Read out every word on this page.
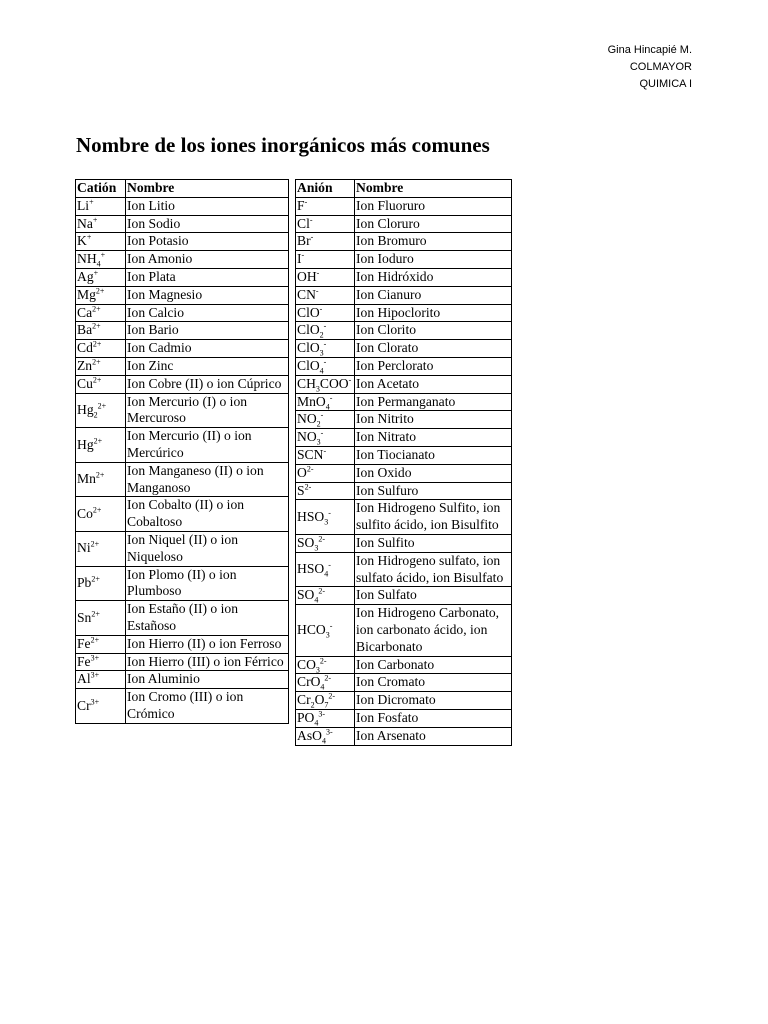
Gina Hincapié M.
COLMAYOR
QUIMICA I
Nombre de los iones inorgánicos más comunes
Catión	Nombre
Li+	Ion Litio
Na+	Ion Sodio
K+	Ion Potasio
$NH_4^+$	Ion Amonio
Ag+	Ion Plata
$Mg^{2+}$	Ion Magnesio
$Ca^{2+}$	Ion Calcio
$Ba^{2+}$	Ion Bario
$Cd^{2+}$	Ion Cadmio
$Zn^{2+}$	Ion Zinc
$Cu^{2+}$	Ion Cobre (II) o ion Cúprico
$Hg_2^{2+}$	Ion Mercurio (I) o ion Mercuroso
$Hg^{2+}$	Ion Mercurio (II) o ion Mercúrico
$Mn^{2+}$	Ion Manganeso (II) o ion Manganoso
$Co^{2+}$	Ion Cobalto (II) o ion Cobaltoso
$Ni^{2+}$	Ion Niquel (II) o ion Niqueloso
$Pb^{2+}$	Ion Plomo (II) o ion Plumboso
$Sn^{2+}$	Ion Estaño (II) o ion Estañoso
$Fe^{2+}$	Ion Hierro (II) o ion Ferroso
$Fe^{3+}$	Ion Hierro (III) o ion Férrico
$Al^{3+}$	Ion Aluminio
$Cr^{3+}$	Ion Cromo (III) o ion Crómico
Anión	Nombre
F-	Ion Fluoruro
Cl-	Ion Cloruro
Br-	Ion Bromuro
I-	Ion Ioduro
OH-	Ion Hidróxido
CN-	Ion Cianuro
ClO-	Ion Hipoclorito
ClO$_2$-	Ion Clorito
ClO$_3$-	Ion Clorato
ClO$_4$-	Ion Perclorato
$CH_3COO^-$	Ion Acetato
MnO$_4$-	Ion Permanganato
$NO_2^-$	Ion Nitrito
$NO_3^-$	Ion Nitrato
SCN-	Ion Tiocianato
$O^{2-}$	Ion Oxido
$S^{2-}$	Ion Sulfuro
$HSO_3^-$	Ion Hidrogeno Sulfito, ion sulfito ácido, ion Bisulfito
$SO_3^{2-}$	Ion Sulfito
$HSO_4^-$	Ion Hidrogeno sulfato, ion sulfato ácido, ion Bisulfato
$SO_4^{2-}$	Ion Sulfato
$HCO_3^-$	Ion Hidrogeno Carbonato, ion carbonato ácido, ion Bicarbonato
$CO_3^{2-}$	Ion Carbonato
CrO$_4^{2-}$	Ion Cromato
$Cr_2O_7^{2-}$	Ion Dicromato
$PO_4^{3-}$	Ion Fosfato
AsO$_4^{3-}$	Ion Arsenato
